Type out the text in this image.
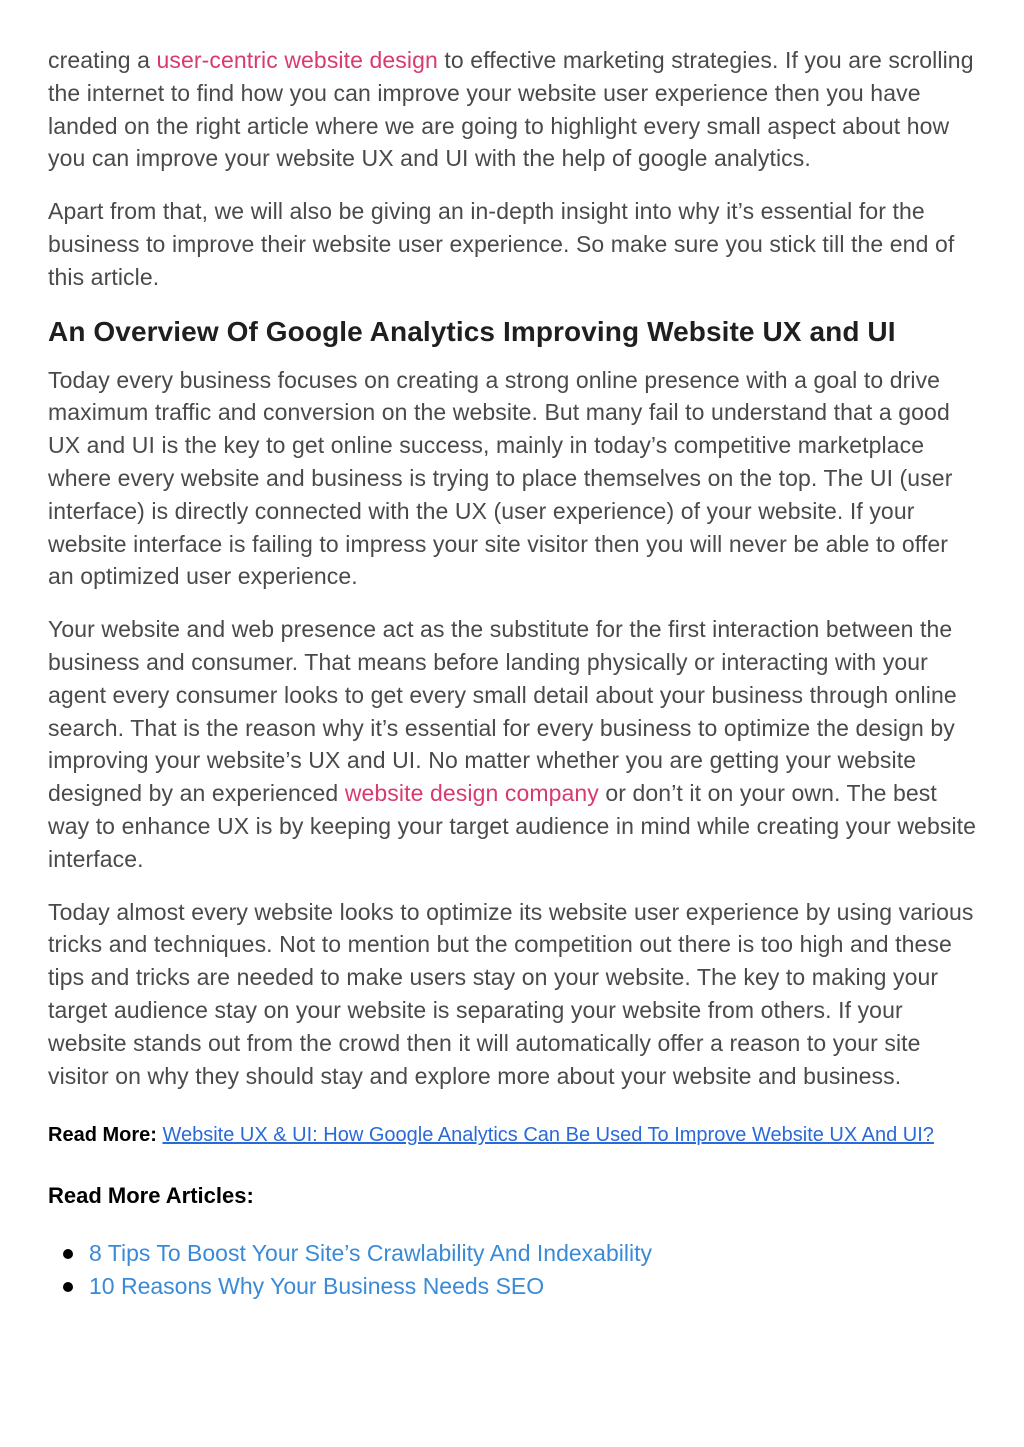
creating a user-centric website design to effective marketing strategies. If you are scrolling the internet to find how you can improve your website user experience then you have landed on the right article where we are going to highlight every small aspect about how you can improve your website UX and UI with the help of google analytics.

Apart from that, we will also be giving an in-depth insight into why it’s essential for the business to improve their website user experience. So make sure you stick till the end of this article.

An Overview Of Google Analytics Improving Website UX and UI

Today every business focuses on creating a strong online presence with a goal to drive maximum traffic and conversion on the website. But many fail to understand that a good UX and UI is the key to get online success, mainly in today’s competitive marketplace where every website and business is trying to place themselves on the top. The UI (user interface) is directly connected with the UX (user experience) of your website. If your website interface is failing to impress your site visitor then you will never be able to offer an optimized user experience.

Your website and web presence act as the substitute for the first interaction between the business and consumer. That means before landing physically or interacting with your agent every consumer looks to get every small detail about your business through online search. That is the reason why it’s essential for every business to optimize the design by improving your website’s UX and UI. No matter whether you are getting your website designed by an experienced website design company or don’t it on your own. The best way to enhance UX is by keeping your target audience in mind while creating your website interface.

Today almost every website looks to optimize its website user experience by using various tricks and techniques. Not to mention but the competition out there is too high and these tips and tricks are needed to make users stay on your website. The key to making your target audience stay on your website is separating your website from others. If your website stands out from the crowd then it will automatically offer a reason to your site visitor on why they should stay and explore more about your website and business.

Read More: Website UX & UI: How Google Analytics Can Be Used To Improve Website UX And UI?

Read More Articles:
8 Tips To Boost Your Site’s Crawlability And Indexability
10 Reasons Why Your Business Needs SEO
